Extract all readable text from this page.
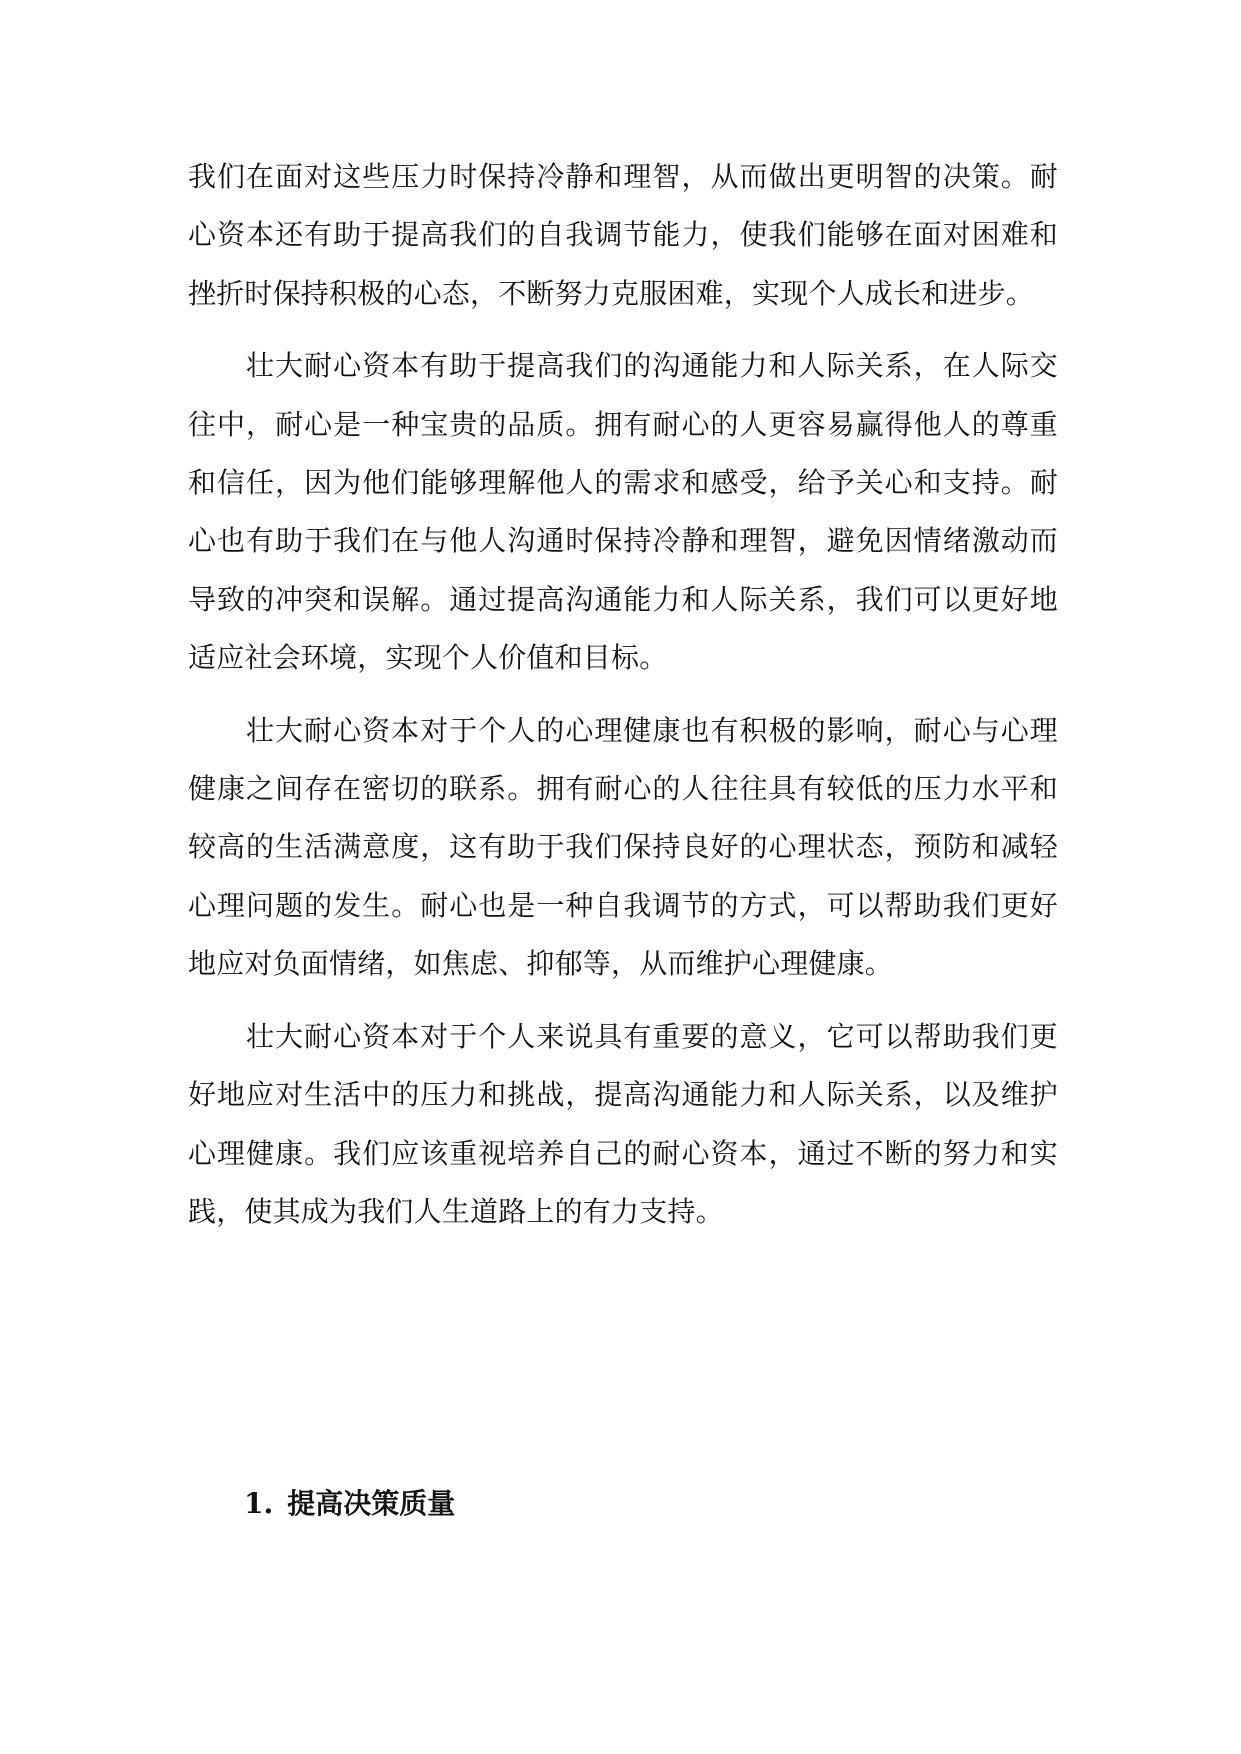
我们在面对这些压力时保持冷静和理智，从而做出更明智的决策。耐心资本还有助于提高我们的自我调节能力，使我们能够在面对困难和挫折时保持积极的心态，不断努力克服困难，实现个人成长和进步。

壮大耐心资本有助于提高我们的沟通能力和人际关系，在人际交往中，耐心是一种宝贵的品质。拥有耐心的人更容易赢得他人的尊重和信任，因为他们能够理解他人的需求和感受，给予关心和支持。耐心也有助于我们在与他人沟通时保持冷静和理智，避免因情绪激动而导致的冲突和误解。通过提高沟通能力和人际关系，我们可以更好地适应社会环境，实现个人价值和目标。

壮大耐心资本对于个人的心理健康也有积极的影响，耐心与心理健康之间存在密切的联系。拥有耐心的人往往具有较低的压力水平和较高的生活满意度，这有助于我们保持良好的心理状态，预防和减轻心理问题的发生。耐心也是一种自我调节的方式，可以帮助我们更好地应对负面情绪，如焦虑、抑郁等，从而维护心理健康。

壮大耐心资本对于个人来说具有重要的意义，它可以帮助我们更好地应对生活中的压力和挑战，提高沟通能力和人际关系，以及维护心理健康。我们应该重视培养自己的耐心资本，通过不断的努力和实践，使其成为我们人生道路上的有力支持。

1. 提高决策质量
